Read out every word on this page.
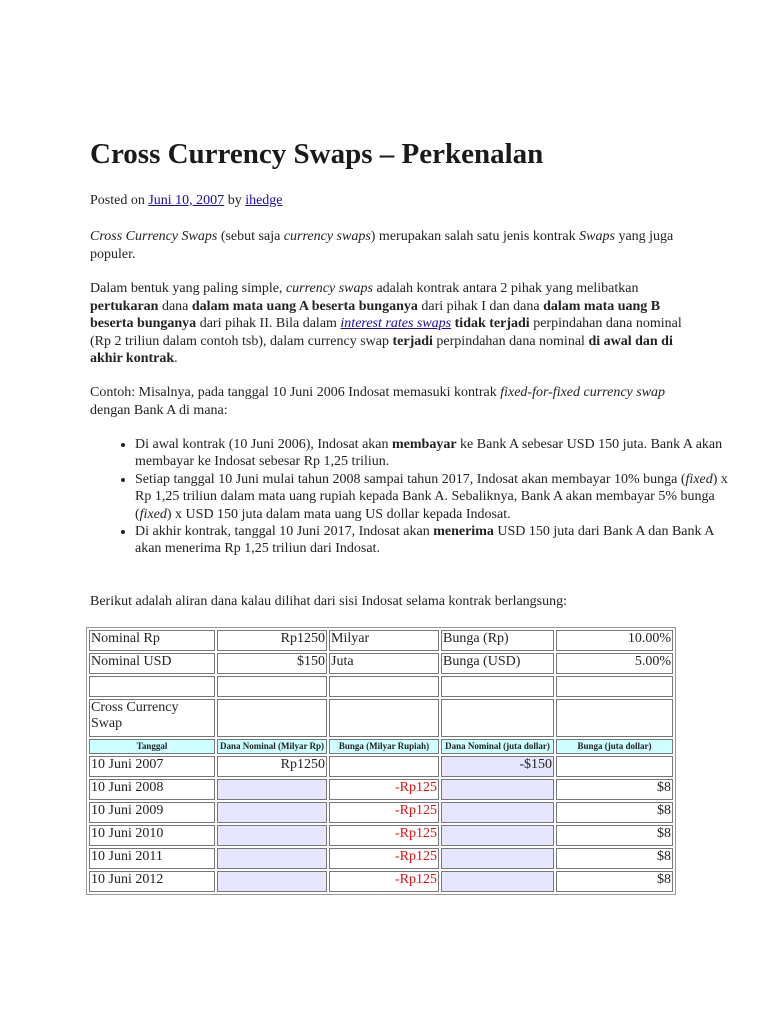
Cross Currency Swaps – Perkenalan
Posted on Juni 10, 2007 by ihedge

Cross Currency Swaps (sebut saja currency swaps) merupakan salah satu jenis kontrak Swaps yang juga populer.

Dalam bentuk yang paling simple, currency swaps adalah kontrak antara 2 pihak yang melibatkan pertukaran dana dalam mata uang A beserta bunganya dari pihak I dan dana dalam mata uang B beserta bunganya dari pihak II. Bila dalam interest rates swaps tidak terjadi perpindahan dana nominal (Rp 2 triliun dalam contoh tsb), dalam currency swap terjadi perpindahan dana nominal di awal dan di akhir kontrak.

Contoh: Misalnya, pada tanggal 10 Juni 2006 Indosat memasuki kontrak fixed-for-fixed currency swap dengan Bank A di mana:

• Di awal kontrak (10 Juni 2006), Indosat akan membayar ke Bank A sebesar USD 150 juta. Bank A akan membayar ke Indosat sebesar Rp 1,25 triliun.
• Setiap tanggal 10 Juni mulai tahun 2008 sampai tahun 2017, Indosat akan membayar 10% bunga (fixed) x Rp 1,25 triliun dalam mata uang rupiah kepada Bank A. Sebaliknya, Bank A akan membayar 5% bunga (fixed) x USD 150 juta dalam mata uang US dollar kepada Indosat.
• Di akhir kontrak, tanggal 10 Juni 2017, Indosat akan menerima USD 150 juta dari Bank A dan Bank A akan menerima Rp 1,25 triliun dari Indosat.

Berikut adalah aliran dana kalau dilihat dari sisi Indosat selama kontrak berlangsung:

Nominal Rp	Rp1250	Milyar	Bunga (Rp)	10.00%
Nominal USD	$150	Juta	Bunga (USD)	5.00%

Cross Currency Swap				
Tanggal	Dana Nominal (Milyar Rp)	Bunga (Milyar Rupiah)	Dana Nominal (juta dollar)	Bunga (juta dollar)
10 Juni 2007	Rp1250		-$150	
10 Juni 2008		-Rp125		$8
10 Juni 2009		-Rp125		$8
10 Juni 2010		-Rp125		$8
10 Juni 2011		-Rp125		$8
10 Juni 2012		-Rp125		$8
